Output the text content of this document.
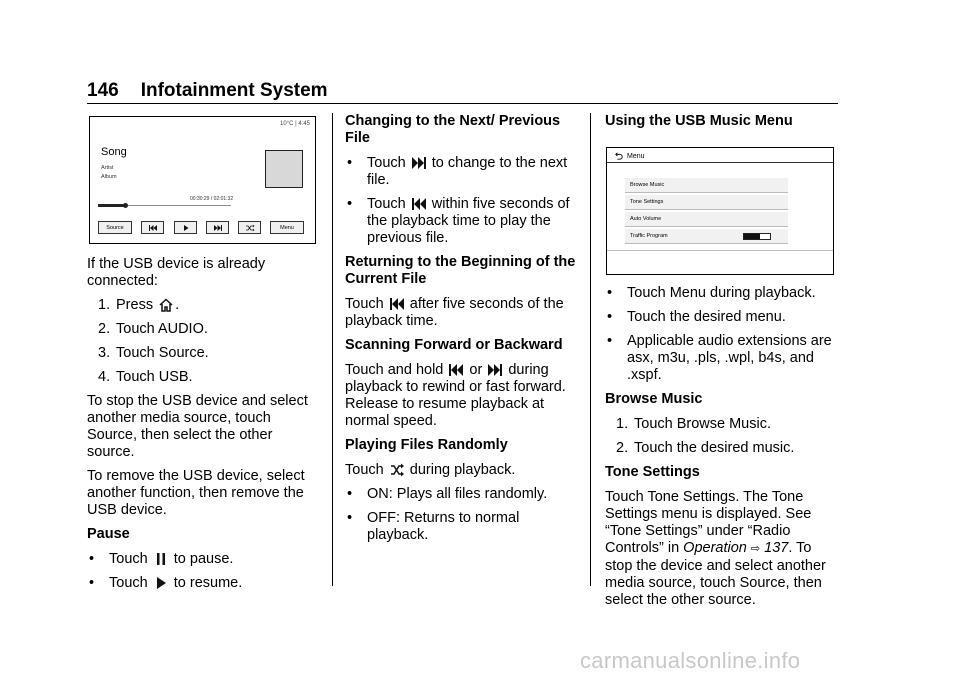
146 Infotainment System
10°C | 4:45
Song
Artist
Album
00:30:29 / 02:01:32
Source	Menu

If the USB device is already connected:

1. Press
.
2. Touch AUDIO.
3. Touch Source.
4. Touch USB.

To stop the USB device and select another media source, touch Source, then select the other source.

To remove the USB device, select another function, then remove the USB device.

Pause

• Touch
to pause.
• Touch
to resume.

Changing to the Next/ Previous File

• Touch
to change to the next file.
• Touch
within five seconds of the playback time to play the previous file.

Returning to the Beginning of the Current File

Touch
after five seconds of the playback time.

Scanning Forward or Backward

Touch and hold
or
during playback to rewind or fast forward. Release to resume playback at normal speed.

Playing Files Randomly

Touch
during playback.

• ON: Plays all files randomly.
• OFF: Returns to normal playback.

Using the USB Music Menu

Menu
Browse Music
Tone Settings
Auto Volume
Traffic Program
• Touch Menu during playback.
• Touch the desired menu.
• Applicable audio extensions are asx, m3u, .pls, .wpl, b4s, and .xspf.

Browse Music

1. Touch Browse Music.
2. Touch the desired music.

Tone Settings

Touch Tone Settings. The Tone Settings menu is displayed. See “Tone Settings” under “Radio Controls” in Operation ⇨ 137. To stop the device and select another media source, touch Source, then select the other source.

carmanualsonline.info
